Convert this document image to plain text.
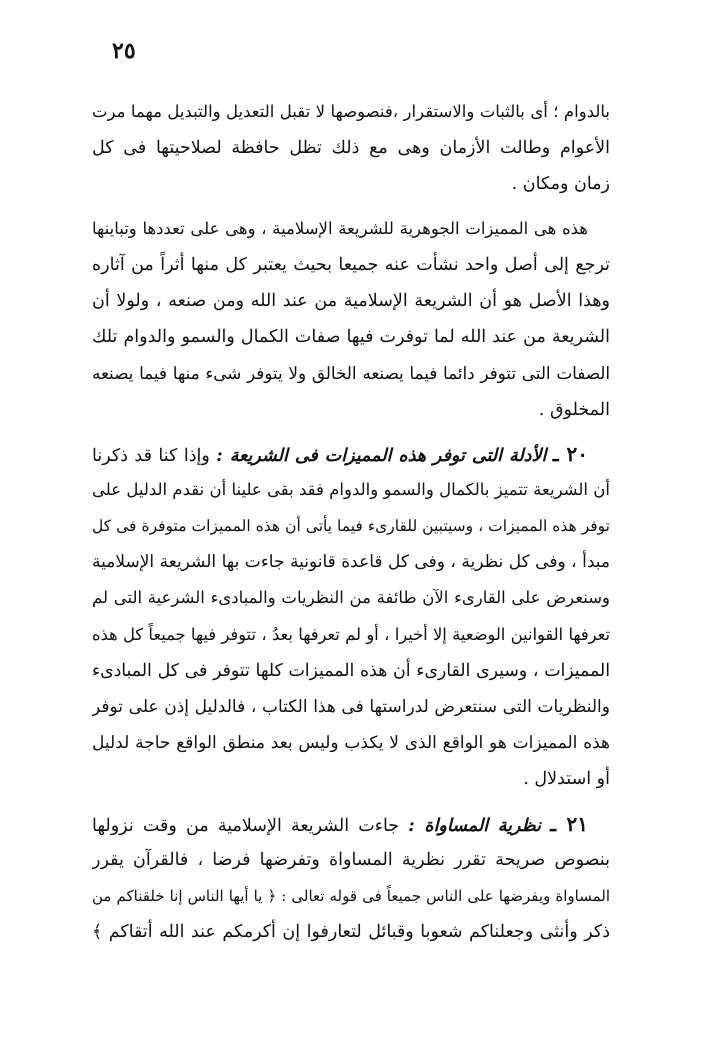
٢٥
بالدوام ؛ أى بالثبات والاستقرار ،فنصوصها لا تقبل التعديل والتبديل مهما مرت
الأعوام وطالت الأزمان وهى مع ذلك تظل حافظة لصلاحيتها فى كل
زمان ومكان .
هذه هى المميزات الجوهرية للشريعة الإسلامية ، وهى على تعددها وتباينها
ترجع إلى أصل واحد نشأت عنه جميعا بحيث يعتبر كل منها أثراً من آثاره
وهذا الأصل هو أن الشريعة الإسلامية من عند الله ومن صنعه ، ولولا أن
الشريعة من عند الله لما توفرت فيها صفات الكمال والسمو والدوام تلك
الصفات التى تتوفر دائما فيما يصنعه الخالق ولا يتوفر شىء منها فيما يصنعه
المخلوق .
٢٠ ـ الأدلة التى توفر هذه المميزات فى الشريعة : وإذا كنا قد ذكرنا
أن الشريعة تتميز بالكمال والسمو والدوام فقد بقى علينا أن نقدم الدليل على
توفر هذه المميزات ، وسيتبين للقارىء فيما يأتى أن هذه المميزات متوفرة فى كل
مبدأ ، وفى كل نظرية ، وفى كل قاعدة قانونية جاءت بها الشريعة الإسلامية
وسنعرض على القارىء الآن طائفة من النظريات والمبادىء الشرعية التى لم
تعرفها القوانين الوضعية إلا أخيرا ، أو لم تعرفها بعدُ ، تتوفر فيها جميعاً كل هذه
المميزات ، وسيرى القارىء أن هذه المميزات كلها تتوفر فى كل المبادىء
والنظريات التى سنتعرض لدراستها فى هذا الكتاب ، فالدليل إذن على توفر
هذه المميزات هو الواقع الذى لا يكذب وليس بعد منطق الواقع حاجة لدليل
أو استدلال .
٢١ ـ نظرية المساواة : جاءت الشريعة الإسلامية من وقت نزولها
بنصوص صريحة تقرر نظرية المساواة وتفرضها فرضا ، فالقرآن يقرر
المساواة ويفرضها على الناس جميعاً فى قوله تعالى : ﴿ يا أيها الناس إنا خلقناكم من
ذكر وأنثى وجعلناكم شعوبا وقبائل لتعارفوا إن أكرمكم عند الله أتقاكم ﴾
